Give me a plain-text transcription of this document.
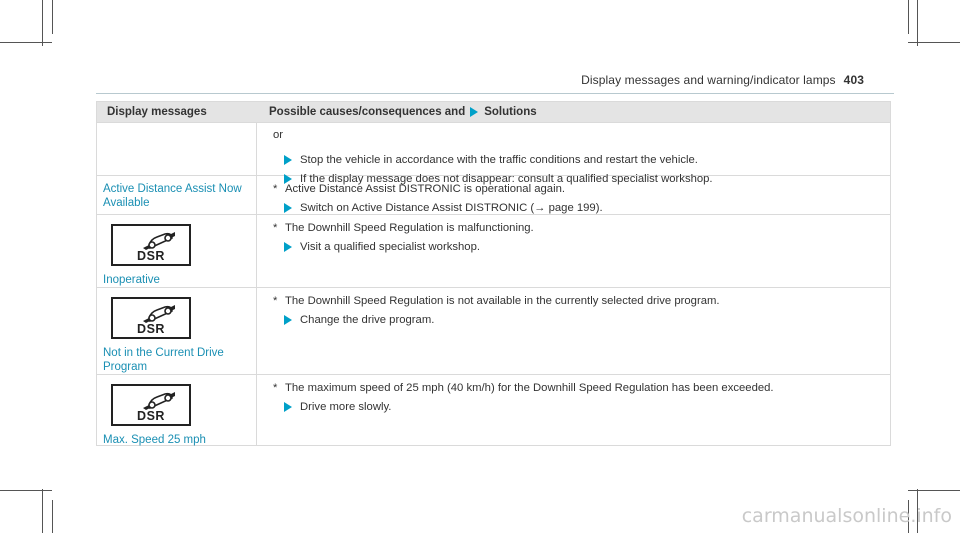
Display messages and warning/indicator lamps 403
Display messages	Possible causes/consequences and Solutions
or
Stop the vehicle in accordance with the traffic conditions and restart the vehicle.
If the display message does not disappear: consult a qualified specialist workshop.
Active Distance Assist Now Available
* Active Distance Assist DISTRONIC is operational again.
Switch on Active Distance Assist DISTRONIC (→ page 199).
DSR
Inoperative
* The Downhill Speed Regulation is malfunctioning.
Visit a qualified specialist workshop.
DSR
Not in the Current Drive Program
* The Downhill Speed Regulation is not available in the currently selected drive program.
Change the drive program.
DSR
Max. Speed 25 mph
* The maximum speed of 25 mph (40 km/h) for the Downhill Speed Regulation has been exceeded.
Drive more slowly.
carmanualsonline.info
